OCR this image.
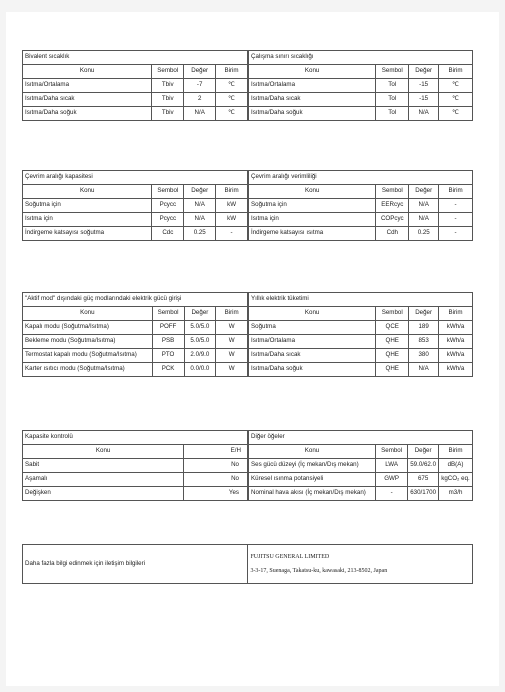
Bivalent sıcaklık			
Konu	Sembol	Değer	Birim
Isıtma/Ortalama	Tbiv	-7	℃
Isıtma/Daha sıcak	Tbiv	2	℃
Isıtma/Daha soğuk	Tbiv	N/A	℃
Çalışma sınırı sıcaklığı			
Konu	Sembol	Değer	Birim
Isıtma/Ortalama	Tol	-15	℃
Isıtma/Daha sıcak	Tol	-15	℃
Isıtma/Daha soğuk	Tol	N/A	℃
Çevrim aralığı kapasitesi			
Konu	Sembol	Değer	Birim
Soğutma için	Pcycc	N/A	kW
Isıtma için	Pcycc	N/A	kW
İndirgeme katsayısı soğutma	Cdc	0.25	-
Çevrim aralığı verimliliği			
Konu	Sembol	Değer	Birim
Soğutma için	EERcyc	N/A	-
Isıtma için	COPcyc	N/A	-
İndirgeme katsayısı ısıtma	Cdh	0.25	-
"Aktif mod" dışındaki güç modlarındaki elektrik gücü girişi			
Konu	Sembol	Değer	Birim
Kapalı modu (Soğutma/Isıtma)	POFF	5.0/5.0	W
Bekleme modu (Soğutma/Isıtma)	PSB	5.0/5.0	W
Termostat kapalı modu (Soğutma/Isıtma)	PTO	2.0/9.0	W
Karter ısıtıcı modu (Soğutma/Isıtma)	PCK	0.0/0.0	W
Yıllık elektrik tüketimi			
Konu	Sembol	Değer	Birim
Soğutma	QCE	189	kWh/a
Isıtma/Ortalama	QHE	853	kWh/a
Isıtma/Daha sıcak	QHE	380	kWh/a
Isıtma/Daha soğuk	QHE	N/A	kWh/a
Kapasite kontrolü	
Konu	E/H
Sabit	No
Aşamalı	No
Değişken	Yes
Diğer öğeler			
Konu	Sembol	Değer	Birim
Ses gücü düzeyi (İç mekan/Dış mekan)	LWA	59.0/62.0	dB(A)
Küresel ısınma potansiyeli	GWP	675	kgCO₂ eq.
Nominal hava akısı (İç mekan/Dış mekan)	-	630/1700	m3/h
Daha fazla bilgi edinmek için iletişim bilgileri	
FUJITSU GENERAL LIMITED
3-3-17, Suenaga, Takatsu-ku, kawasaki, 213-8502, Japan
